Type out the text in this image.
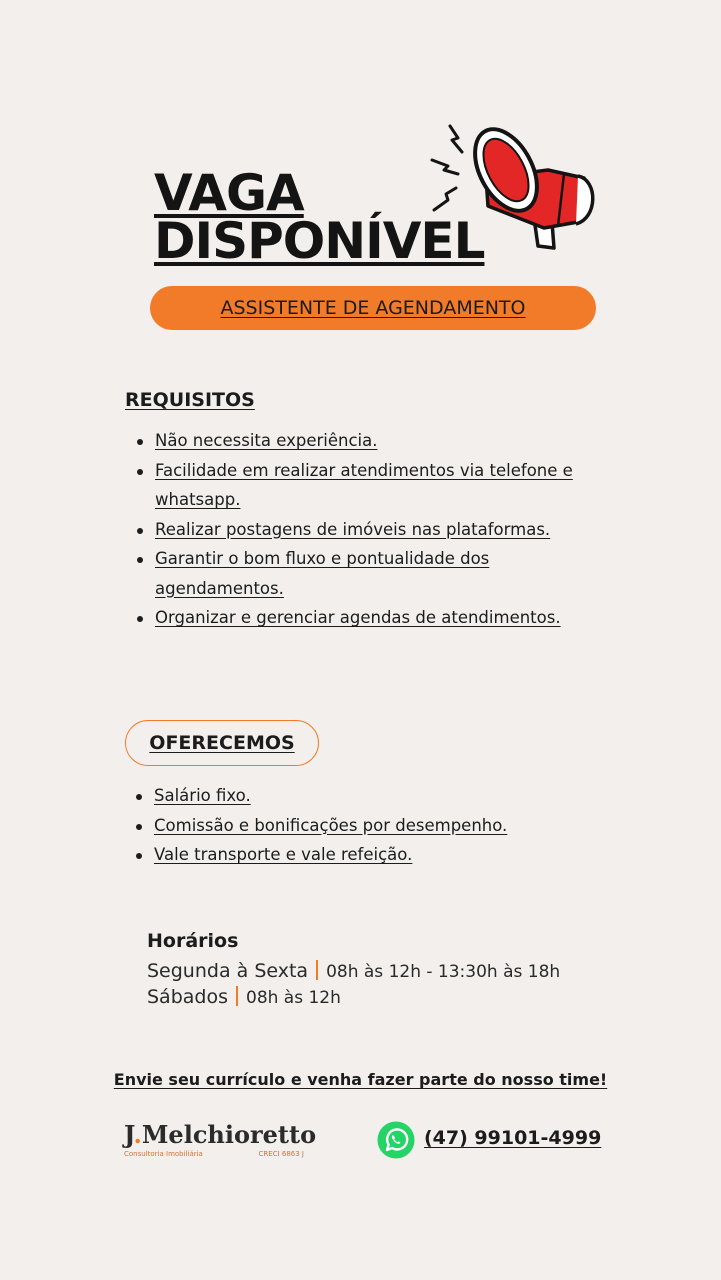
VAGA
DISPONÍVEL
ASSISTENTE DE AGENDAMENTO
REQUISITOS
Não necessita experiência.
Facilidade em realizar atendimentos via telefone e whatsapp.
Realizar postagens de imóveis nas plataformas.
Garantir o bom fluxo e pontualidade dos agendamentos.
Organizar e gerenciar agendas de atendimentos.
OFERECEMOS
Salário fixo.
Comissão e bonificações por desempenho.
Vale transporte e vale refeição.
Horários
Segunda à Sexta 08h às 12h - 13:30h às 18h
Sábados 08h às 12h
Envie seu currículo e venha fazer parte do nosso time!
J.Melchioretto
Consultoria Imobiliária	CRECI 6863 J
(47) 99101-4999
